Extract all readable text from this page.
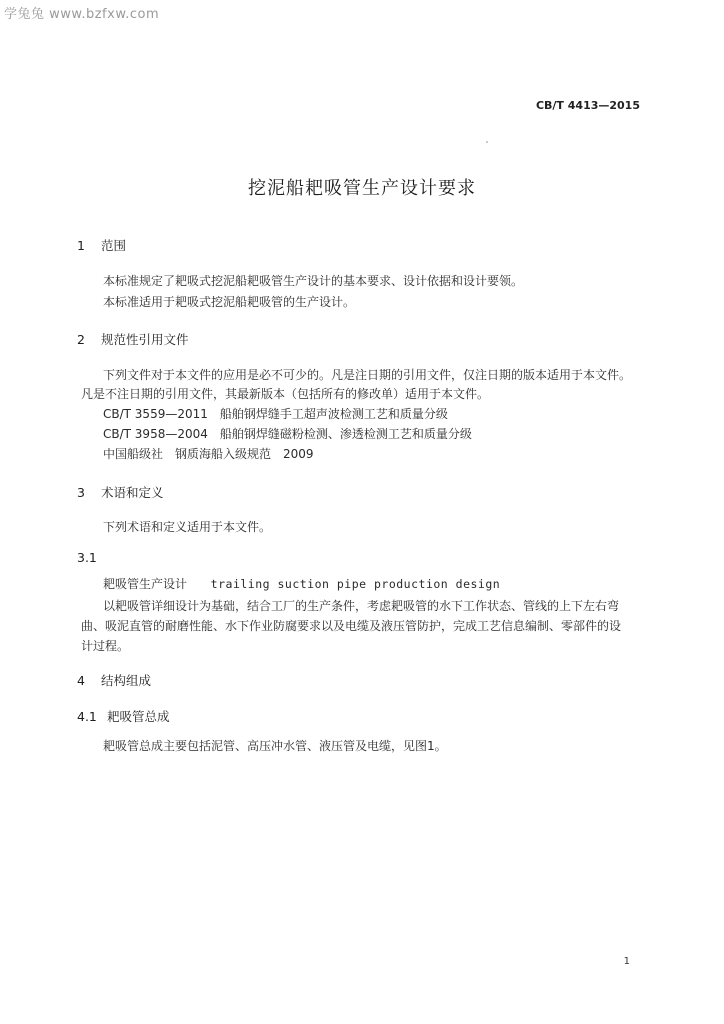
学兔兔 www.bzfxw.com
CB/T 4413—2015
挖泥船耙吸管生产设计要求
1 范围
本标准规定了耙吸式挖泥船耙吸管生产设计的基本要求、设计依据和设计要领。
本标准适用于耙吸式挖泥船耙吸管的生产设计。
2 规范性引用文件
下列文件对于本文件的应用是必不可少的。凡是注日期的引用文件，仅注日期的版本适用于本文件。
凡是不注日期的引用文件，其最新版本（包括所有的修改单）适用于本文件。
CB/T 3559—2011　船舶钢焊缝手工超声波检测工艺和质量分级
CB/T 3958—2004　船舶钢焊缝磁粉检测、渗透检测工艺和质量分级
中国船级社　钢质海船入级规范　2009
3 术语和定义
下列术语和定义适用于本文件。
3.1
耙吸管生产设计 trailing suction pipe production design
以耙吸管详细设计为基础，结合工厂的生产条件，考虑耙吸管的水下工作状态、管线的上下左右弯
曲、吸泥直管的耐磨性能、水下作业防腐要求以及电缆及液压管防护，完成工艺信息编制、零部件的设
计过程。
4 结构组成
4.1 耙吸管总成
耙吸管总成主要包括泥管、高压冲水管、液压管及电缆，见图1。
1
